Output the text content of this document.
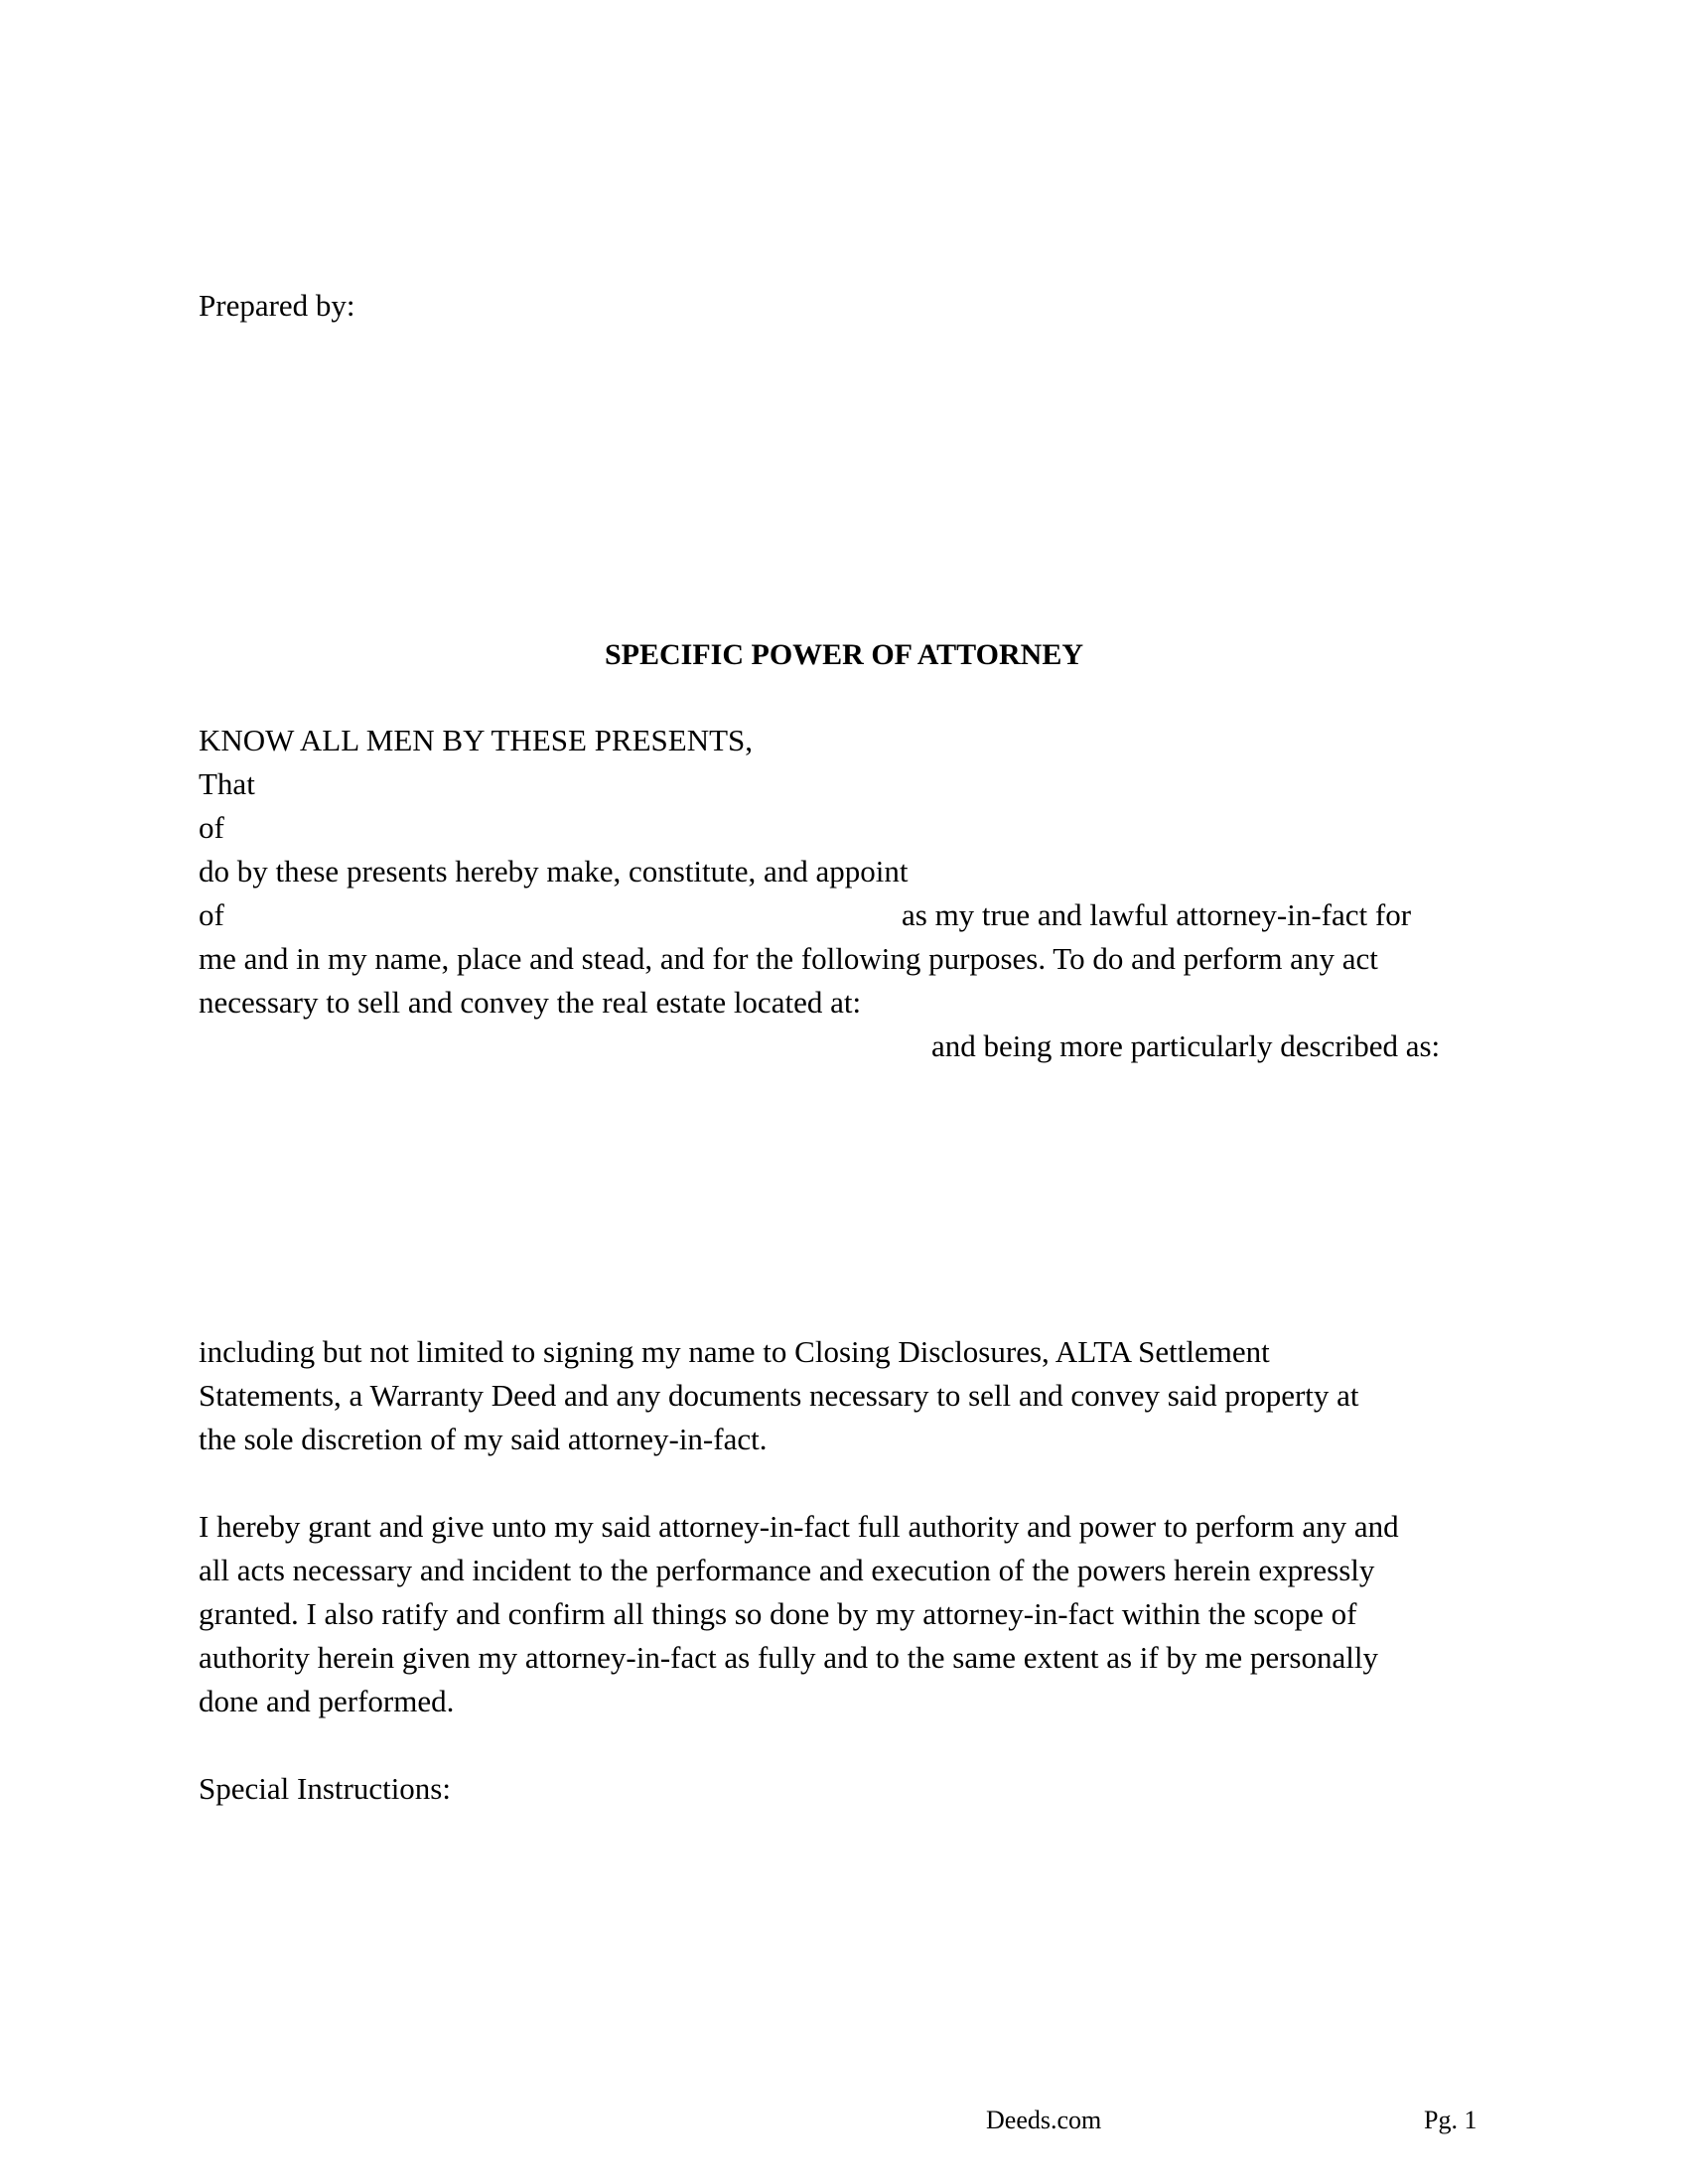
Prepared by:
SPECIFIC POWER OF ATTORNEY
KNOW ALL MEN BY THESE PRESENTS,
That
of
do by these presents hereby make, constitute, and appoint
of	as my true and lawful attorney-in-fact for
me and in my name, place and stead, and for the following purposes. To do and perform any act
necessary to sell and convey the real estate located at:
and being more particularly described as:
including but not limited to signing my name to Closing Disclosures, ALTA Settlement
Statements, a Warranty Deed and any documents necessary to sell and convey said property at
the sole discretion of my said attorney-in-fact.
I hereby grant and give unto my said attorney-in-fact full authority and power to perform any and
all acts necessary and incident to the performance and execution of the powers herein expressly
granted. I also ratify and confirm all things so done by my attorney-in-fact within the scope of
authority herein given my attorney-in-fact as fully and to the same extent as if by me personally
done and performed.
Special Instructions:
Deeds.com	Pg. 1
